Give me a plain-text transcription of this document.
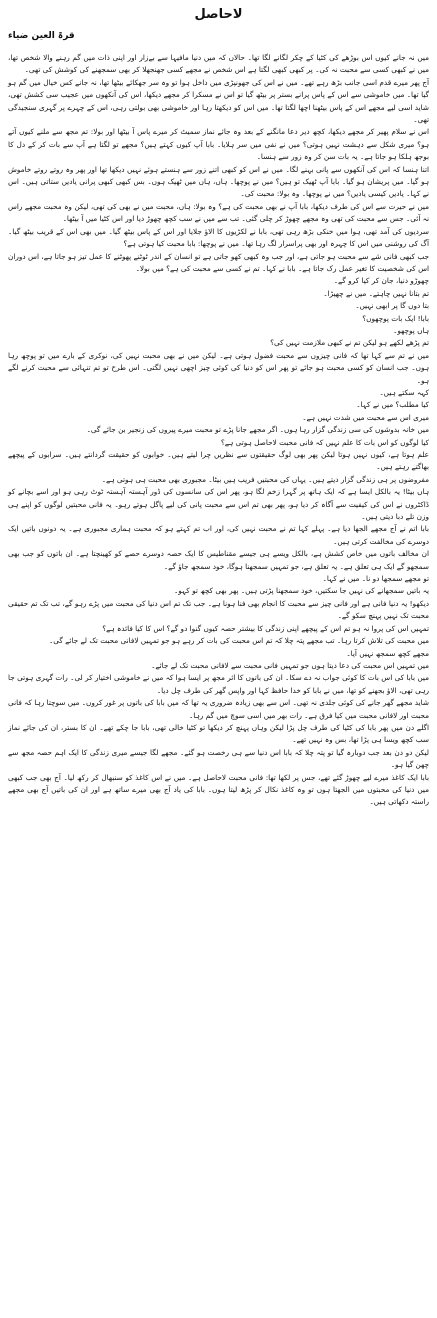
لاحاصل
قرۃ العین ضیاء

میں نہ جانے کیوں اس بوڑھے کی کٹیا کے چکر لگانے لگا تھا۔ حالاں کہ میں دنیا مافیہا سے بےزار اور اپنی ذات میں گم رہنے والا شخص تھا، میں نے کبھی کسی سے محبت نہ کی۔ پر کبھی کبھی لگتا ہے اس شخص نے مجھے کسی جھنجھلا کر بھی سمجھنے کی کوشش کی تھی۔

آج پھر میرے قدم اسی جانب بڑھ رہے تھے۔ میں نے اس کی جھونپڑی میں داخل ہوا تو وہ سر جھکائے بیٹھا تھا، نہ جانے کس خیال میں گم ہو گیا تھا۔ میں خاموشی سے اس کے پاس پرانے بستر پر بیٹھ گیا تو اس نے مسکرا کر مجھے دیکھا، اس کی آنکھوں میں عجیب سی کشش تھی، شاید اسی لیے مجھے اس کے پاس بیٹھنا اچھا لگتا تھا۔ میں اس کو دیکھتا رہا اور خاموشی بھی بولتی رہی، اس کے چہرے پر گہری سنجیدگی تھی۔

اس نے سلام پھیر کر مجھے دیکھا، کچھ دیر دعا مانگنے کے بعد وہ جائے نماز سمیٹ کر میرے پاس آ بیٹھا اور بولا: تم مجھ سے ملنے کیوں آتے ہو؟ میری شکل سے دہشت نہیں ہوتی؟ میں نے نفی میں سر ہلایا۔ بابا آپ کیوں کہتے ہیں؟ مجھے تو لگتا ہے آپ سے بات کر کے دل کا بوجھ ہلکا ہو جاتا ہے۔ یہ بات سن کر وہ زور سے ہنسا۔

اتنا ہنسا کہ اس کی آنکھوں سے پانی بہنے لگا۔ میں نے اس کو کبھی اتنے زور سے ہنستے ہوئے نہیں دیکھا تھا اور پھر وہ روتے روتے خاموش ہو گیا۔ میں پریشان ہو گیا۔ بابا آپ ٹھیک تو ہیں؟ میں نے پوچھا۔ ہاں، ہاں میں ٹھیک ہوں۔ بس کبھی کبھی پرانی یادیں ستاتی ہیں۔ اس نے کہا۔ یادیں کیسی یادیں؟ میں نے پوچھا۔ وہ بولا: محبت کی۔

میں نے حیرت سے اس کی طرف دیکھا، بابا آپ نے بھی محبت کی ہے؟ وہ بولا: ہاں، محبت میں نے بھی کی تھی، لیکن وہ محبت مجھے راس نہ آئی۔ جس سے محبت کی تھی وہ مجھے چھوڑ کر چلی گئی۔ تب سے میں نے سب کچھ چھوڑ دیا اور اس کٹیا میں آ بیٹھا۔

سردیوں کی آمد تھی، ہوا میں خنکی بڑھ رہی تھی، بابا نے لکڑیوں کا الاؤ جلایا اور اس کے پاس بیٹھ گیا۔ میں بھی اس کے قریب بیٹھ گیا۔ آگ کی روشنی میں اس کا چہرہ اور بھی پراسرار لگ رہا تھا۔ میں نے پوچھا: بابا محبت کیا ہوتی ہے؟

جب کبھی فانی شے سے محبت ہو جاتی ہے، اور جب وہ کبھی کھو جاتی ہے تو انسان کے اندر ٹوٹنے پھوٹنے کا عمل تیز ہو جاتا ہے، اس دوران اس کی شخصیت کا تغیر عمل رک جاتا ہے۔ بابا نے کہا۔ تم نے کسی سے محبت کی ہے؟ میں بولا۔

چھوڑو دنیا، جان کر کیا کرو گے۔

تم بتانا نہیں چاہتے۔ میں نے چھیڑا۔

بتا دوں گا پر ابھی نہیں۔

بابا! ایک بات پوچھوں؟

ہاں پوچھو۔

تم پڑھے لکھے ہو لیکن تم نے کبھی ملازمت نہیں کی؟

میں نے تم سے کہا تھا کہ فانی چیزوں سے محبت فضول ہوتی ہے۔ لیکن میں نے بھی محبت نہیں کی، نوکری کے بارے میں تو پوچھ رہا ہوں۔ جب انسان کو کسی محبت ہو جائے تو پھر اس کو دنیا کی کوئی چیز اچھی نہیں لگتی۔ اس طرح تو تم تنہائی سے محبت کرنے لگے ہو۔

کہہ سکتے ہیں۔

کیا مطلب؟ میں نے کہا۔

میری اس سے محبت میں شدت نہیں ہے۔

میں خانہ بدوشوں کی سی زندگی گزار رہا ہوں۔ اگر مجھے جانا پڑے تو محبت میرے پیروں کی زنجیر بن جائے گی۔

کیا لوگوں کو اس بات کا علم نہیں کہ فانی محبت لاحاصل ہوتی ہے؟

علم ہوتا ہے، کیوں نہیں ہوتا لیکن پھر بھی لوگ حقیقتوں سے نظریں چرا لیتے ہیں۔ خوابوں کو حقیقت گردانتے ہیں۔ سرابوں کے پیچھے بھاگتے رہتے ہیں۔

مفروضوں پر ہی زندگی گزار دیتے ہیں۔ یہاں کی محبتیں فریب ہیں بیٹا۔ مجبوری بھی محبت ہی ہوتی ہے۔

ہاں بیٹا! یہ بالکل ایسا ہے کہ ایک ہاتھ پر گہرا زخم لگا ہو، پھر اس کی سانسوں کی ڈور آہستہ آہستہ ٹوٹ رہی ہو اور اسے بچانے کو ڈاکٹروں نے اس کی کیفیت سے آگاہ کر دیا ہو، پھر بھی تم اس سے محبت پانی کی لیے پاگل ہوتے رہو۔ یہ فانی محبتیں لوگوں کو اپنے ہی وزن تلے دبا دیتی ہیں۔

بابا اتم نے آج مجھے الجھا دیا ہے۔ پہلے کہا تم نے محبت نہیں کی، اور اب تم کہتے ہو کہ محبت ہماری مجبوری ہے۔ یہ دونوں باتیں ایک دوسرے کی مخالفت کرتی ہیں۔

ان مخالف باتوں میں خاص کشش ہے، بالکل ویسے ہی جیسے مقناطیس کا ایک حصہ دوسرے حصے کو کھینچتا ہے۔ ان باتوں کو جب بھی سمجھو گے ایک ہی تعلق ہے۔ یہ تعلق ہے، جو تمہیں سمجھنا ہوگا، خود سمجھ جاؤ گے۔

تو مجھے سمجھا دو نا۔ میں نے کہا۔

یہ باتیں سمجھانے کی نہیں جا سکتیں، خود سمجھنا پڑتی ہیں۔ پھر بھی کچھ تو کہو۔

دیکھو! یہ دنیا فانی ہے اور فانی چیز سے محبت کا انجام بھی فنا ہونا ہے۔ جب تک تم اس دنیا کی محبت میں پڑے رہو گے، تب تک تم حقیقی محبت تک نہیں پہنچ سکو گے۔

تمہیں اس کی پروا نہ ہو تم اس کے پیچھے اپنی زندگی کا بیشتر حصہ کیوں گنوا دو گے؟ اس کا کیا فائدہ ہے؟

میں محبت کی تلاش کرتا رہا۔ تب مجھے پتہ چلا کہ تم اس محبت کی بات کر رہے ہو جو تمہیں لافانی محبت تک لے جائے گی۔

مجھے کچھ سمجھ نہیں آیا۔

میں تمہیں اس محبت کی دعا دیتا ہوں جو تمہیں فانی محبت سے لافانی محبت تک لے جائے۔

میں بابا کی اس بات کا کوئی جواب نہ دے سکا۔ ان کی باتوں کا اثر مجھ پر ایسا ہوا کہ میں نے خاموشی اختیار کر لی۔ رات گہری ہوتی جا رہی تھی، الاؤ بجھنے کو تھا، میں نے بابا کو خدا حافظ کہا اور واپس گھر کی طرف چل دیا۔

شاید مجھے گھر جانے کی کوئی جلدی نہ تھی۔ اس سے بھی زیادہ ضروری یہ تھا کہ میں بابا کی باتوں پر غور کروں۔ میں سوچتا رہا کہ فانی محبت اور لافانی محبت میں کیا فرق ہے۔ رات بھر میں اسی سوچ میں گم رہا۔

اگلے دن میں پھر بابا کی کٹیا کی طرف چل پڑا لیکن وہاں پہنچ کر دیکھا تو کٹیا خالی تھی، بابا جا چکے تھے۔ ان کا بستر، ان کی جائے نماز سب کچھ ویسا ہی پڑا تھا، بس وہ نہیں تھے۔

لیکن دو دن بعد جب دوبارہ گیا تو پتہ چلا کہ بابا اس دنیا سے ہی رخصت ہو گئے۔ مجھے لگا جیسے میری زندگی کا ایک اہم حصہ مجھ سے چھن گیا ہو۔

بابا ایک کاغذ میرے لیے چھوڑ گئے تھے، جس پر لکھا تھا: فانی محبت لاحاصل ہے۔ میں نے اس کاغذ کو سنبھال کر رکھ لیا۔ آج بھی جب کبھی میں دنیا کی محبتوں میں الجھتا ہوں تو وہ کاغذ نکال کر پڑھ لیتا ہوں۔ بابا کی یاد آج بھی میرے ساتھ ہے اور ان کی باتیں آج بھی مجھے راستہ دکھاتی ہیں۔
